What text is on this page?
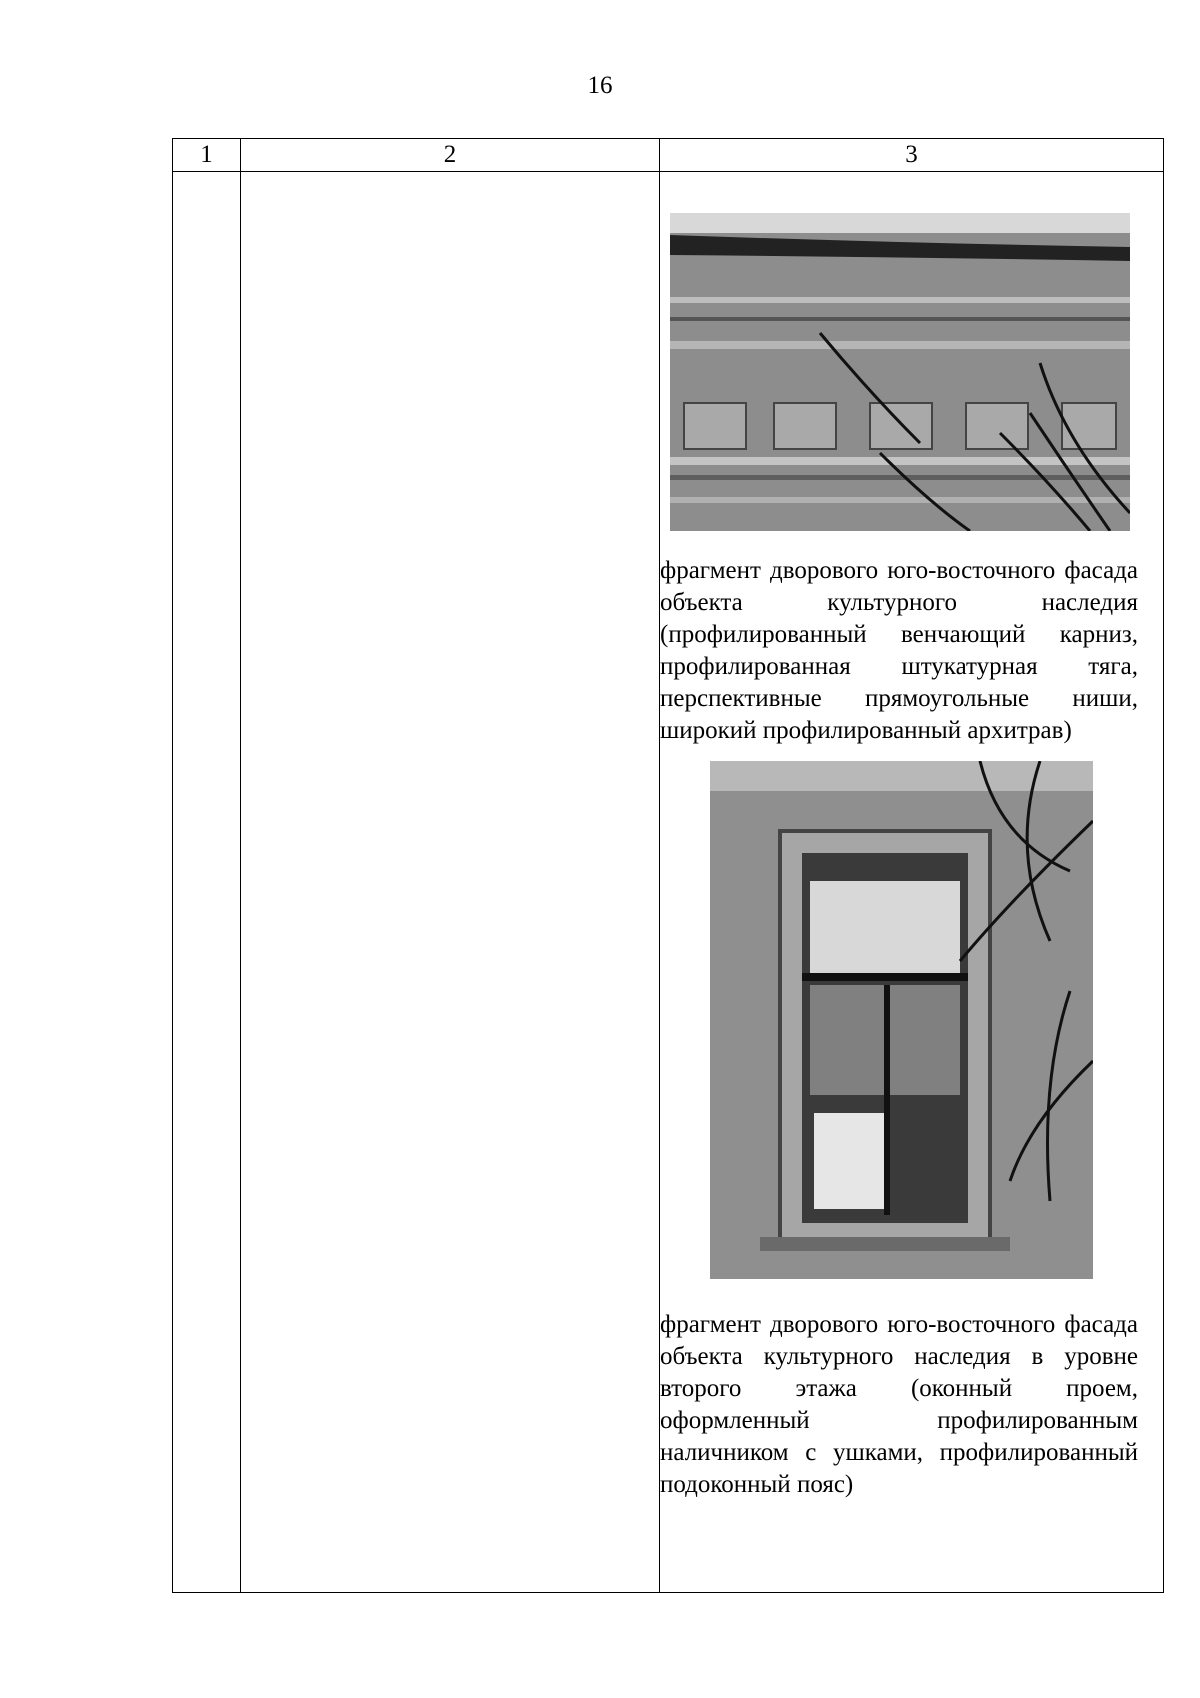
16
1	2	3

		фрагмент дворового юго-восточного фасада объекта культурного наследия (профилированный венчающий карниз, профилированная штукатурная тяга, перспективные прямоугольные ниши, широкий профилированный архитрав)
фрагмент дворового юго-восточного фасада объекта культурного наследия в уровне второго этажа (оконный проем, оформленный профилированным наличником с ушками, профилированный подоконный пояс)
